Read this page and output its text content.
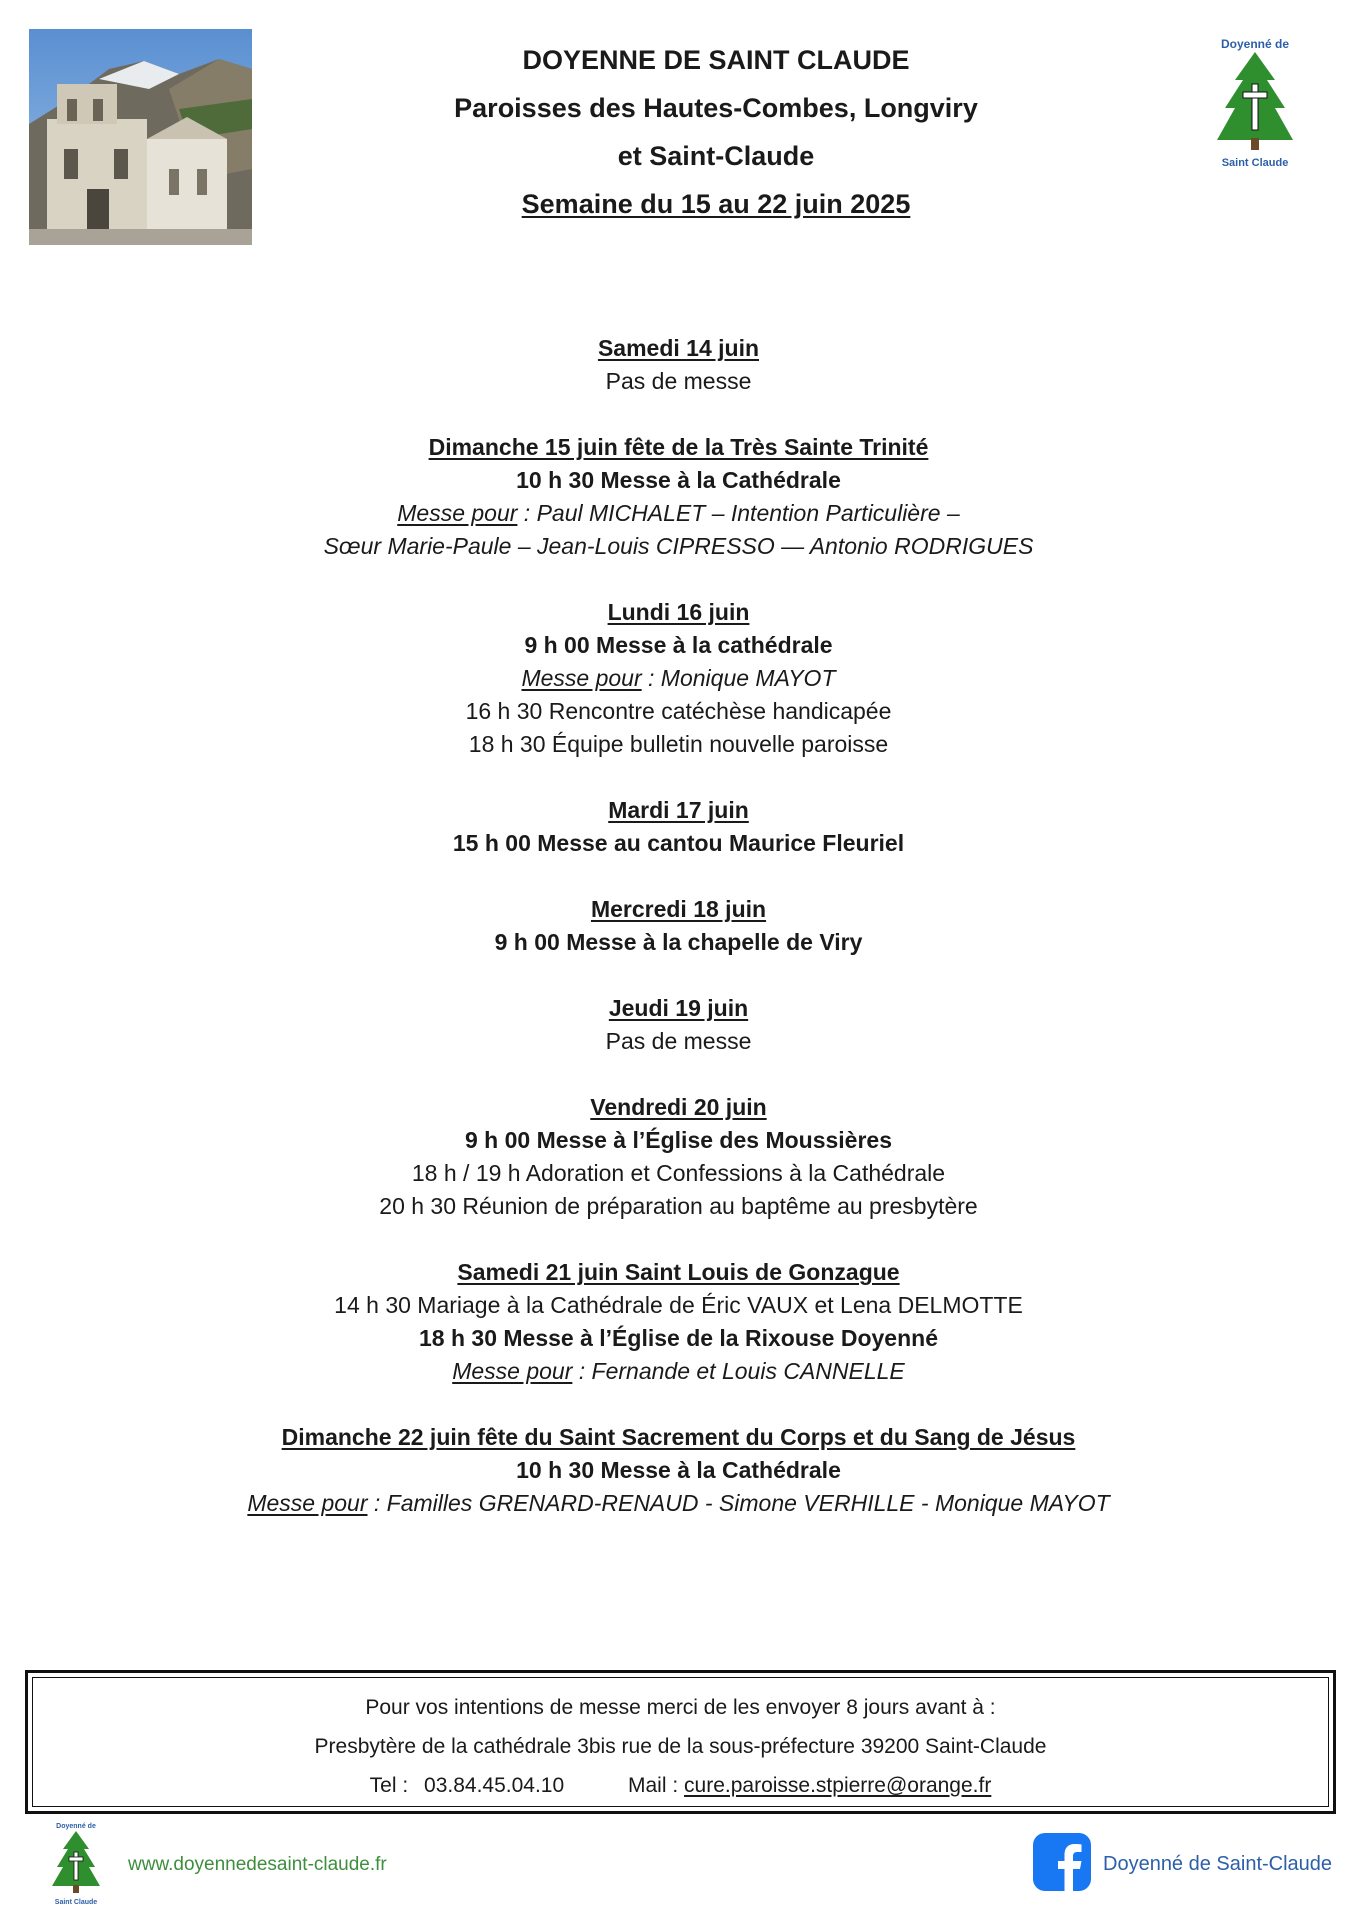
DOYENNE DE SAINT CLAUDE
Paroisses des Hautes-Combes, Longviry
et Saint-Claude
Semaine du 15 au 22 juin 2025
Doyenné de
Saint Claude
Samedi 14 juin
Pas de messe
Dimanche 15 juin fête de la Très Sainte Trinité
10 h 30 Messe à la Cathédrale
Messe pour : Paul MICHALET – Intention Particulière –
Sœur Marie-Paule – Jean-Louis CIPRESSO — Antonio RODRIGUES
Lundi 16 juin
9 h 00 Messe à la cathédrale
Messe pour : Monique MAYOT
16 h 30 Rencontre catéchèse handicapée
18 h 30 Équipe bulletin nouvelle paroisse
Mardi 17 juin
15 h 00 Messe au cantou Maurice Fleuriel
Mercredi 18 juin
9 h 00 Messe à la chapelle de Viry
Jeudi 19 juin
Pas de messe
Vendredi 20 juin
9 h 00 Messe à l’Église des Moussières
18 h / 19 h Adoration et Confessions à la Cathédrale
20 h 30 Réunion de préparation au baptême au presbytère
Samedi 21 juin Saint Louis de Gonzague
14 h 30 Mariage à la Cathédrale de Éric VAUX et Lena DELMOTTE
18 h 30 Messe à l’Église de la Rixouse Doyenné
Messe pour : Fernande et Louis CANNELLE
Dimanche 22 juin fête du Saint Sacrement du Corps et du Sang de Jésus
10 h 30 Messe à la Cathédrale
Messe pour : Familles GRENARD-RENAUD - Simone VERHILLE - Monique MAYOT
Pour vos intentions de messe merci de les envoyer 8 jours avant à :
Presbytère de la cathédrale 3bis rue de la sous-préfecture 39200 Saint-Claude
Tel : 03.84.45.04.10	Mail : cure.paroisse.stpierre@orange.fr
Doyenné de
Saint Claude
www.doyennedesaint-claude.fr	Doyenné de Saint-Claude
